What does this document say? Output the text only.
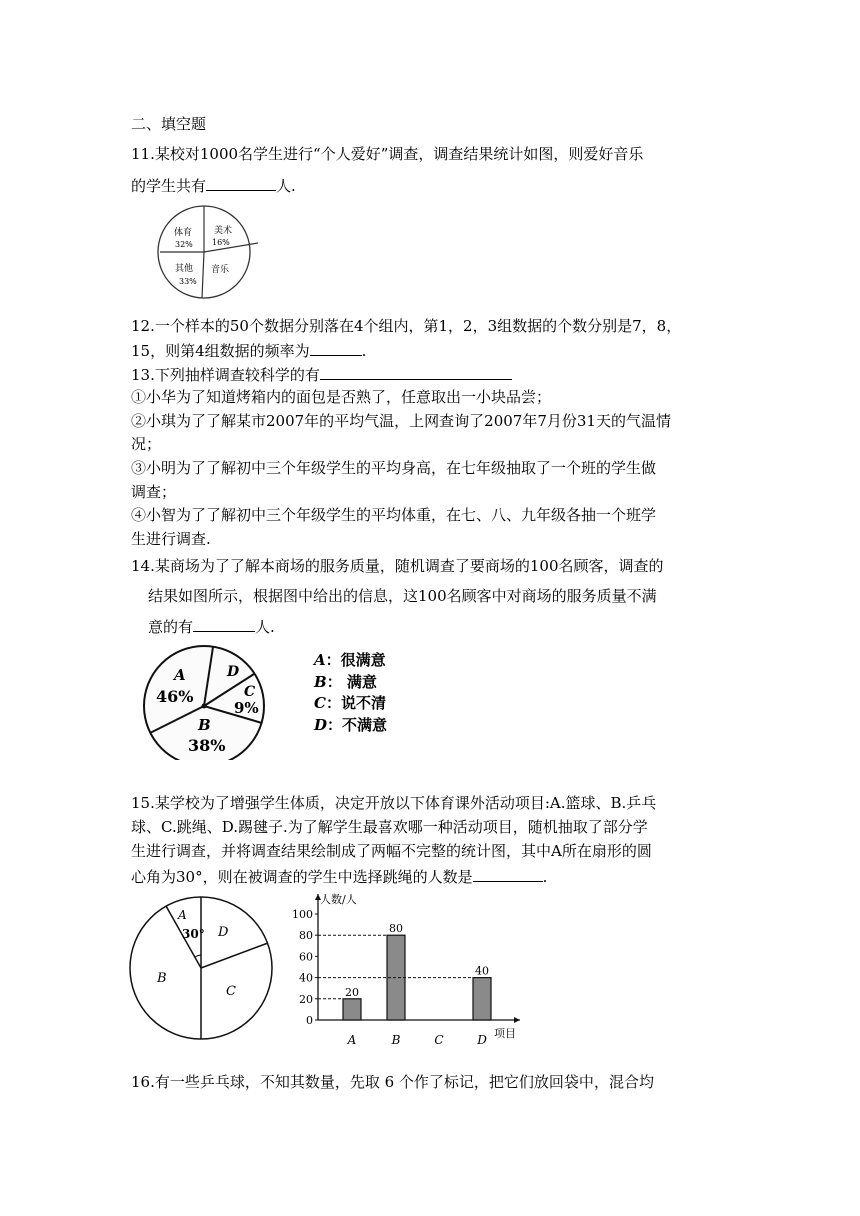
二、填空题
11.某校对1000名学生进行“个人爱好”调查，调查结果统计如图，则爱好音乐
的学生共有	人.
体育
32%
美术
16%
其他
33%
音乐
12.一个样本的50个数据分别落在4个组内，第1，2，3组数据的个数分别是7，8，
15，则第4组数据的频率为	.
13.下列抽样调查较科学的有
①小华为了知道烤箱内的面包是否熟了，任意取出一小块品尝；
②小琪为了了解某市2007年的平均气温，上网查询了2007年7月份31天的气温情
况；
③小明为了了解初中三个年级学生的平均身高，在七年级抽取了一个班的学生做
调查；
④小智为了了解初中三个年级学生的平均体重，在七、八、九年级各抽一个班学
生进行调查.
14.某商场为了了解本商场的服务质量，随机调查了要商场的100名顾客，调查的
结果如图所示，根据图中给出的信息，这100名顾客中对商场的服务质量不满
意的有	人.
A
46%
D
C
9%
B
38%
A：很满意
B： 满意
C：说不清
D：不满意
15.某学校为了增强学生体质，决定开放以下体育课外活动项目:A.篮球、B.乒乓
球、C.跳绳、D.踢毽子.为了解学生最喜欢哪一种活动项目，随机抽取了部分学
生进行调查，并将调查结果绘制成了两幅不完整的统计图，其中A所在扇形的圆
心角为30°，则在被调查的学生中选择跳绳的人数是	.
A
30° D
B
C
人数/人
项目
0
20
40
60
80
100
A
20
B
80
C	D
40
16.有一些乒乓球，不知其数量，先取 6 个作了标记，把它们放回袋中，混合均
